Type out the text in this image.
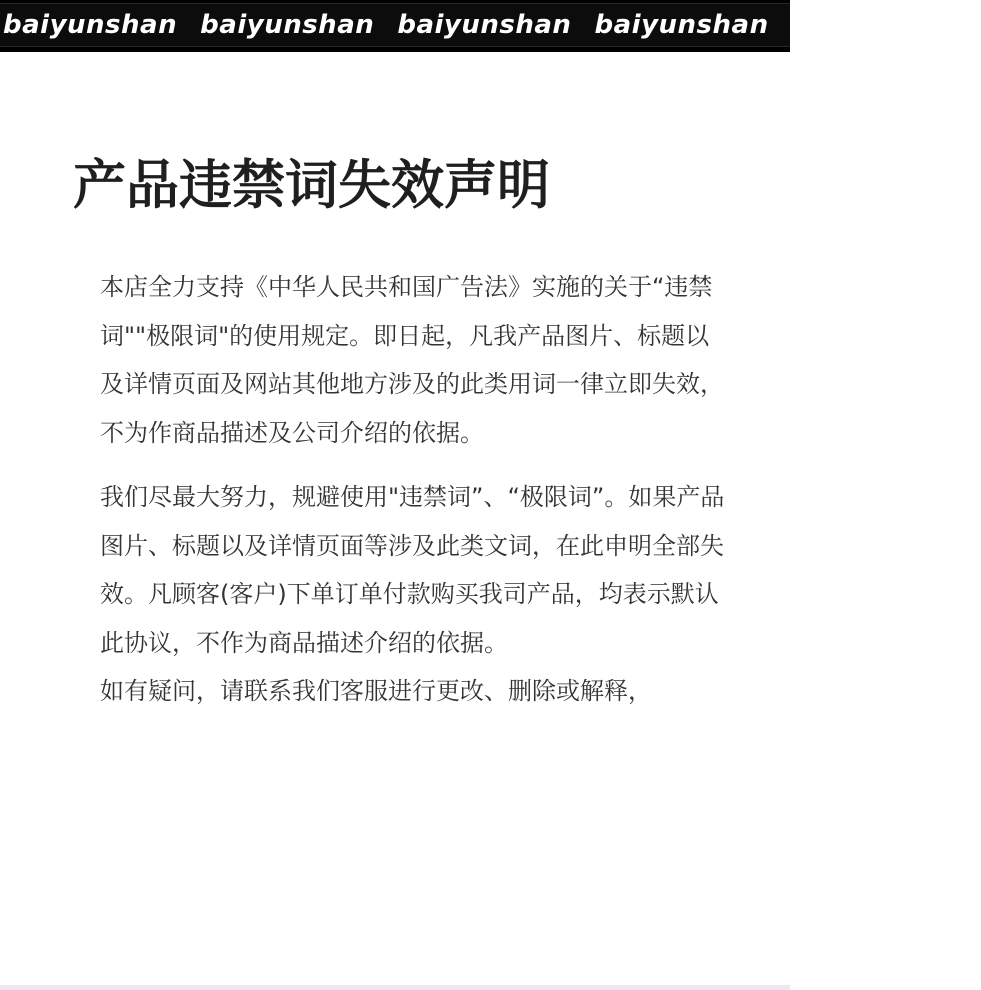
baiyunshan baiyunshan baiyunshan baiyunshan baiyunshan
产品违禁词失效声明

本店全力支持《中华人民共和国广告法》实施的关于“违禁词""极限词"的使用规定。即日起，凡我产品图片、标题以及详情页面及网站其他地方涉及的此类用词一律立即失效，不为作商品描述及公司介绍的依据。

我们尽最大努力，规避使用"违禁词”、“极限词”。如果产品图片、标题以及详情页面等涉及此类文词，在此申明全部失效。凡顾客(客户)下单订单付款购买我司产品，均表示默认此协议，不作为商品描述介绍的依据。

如有疑问，请联系我们客服进行更改、删除或解释，
